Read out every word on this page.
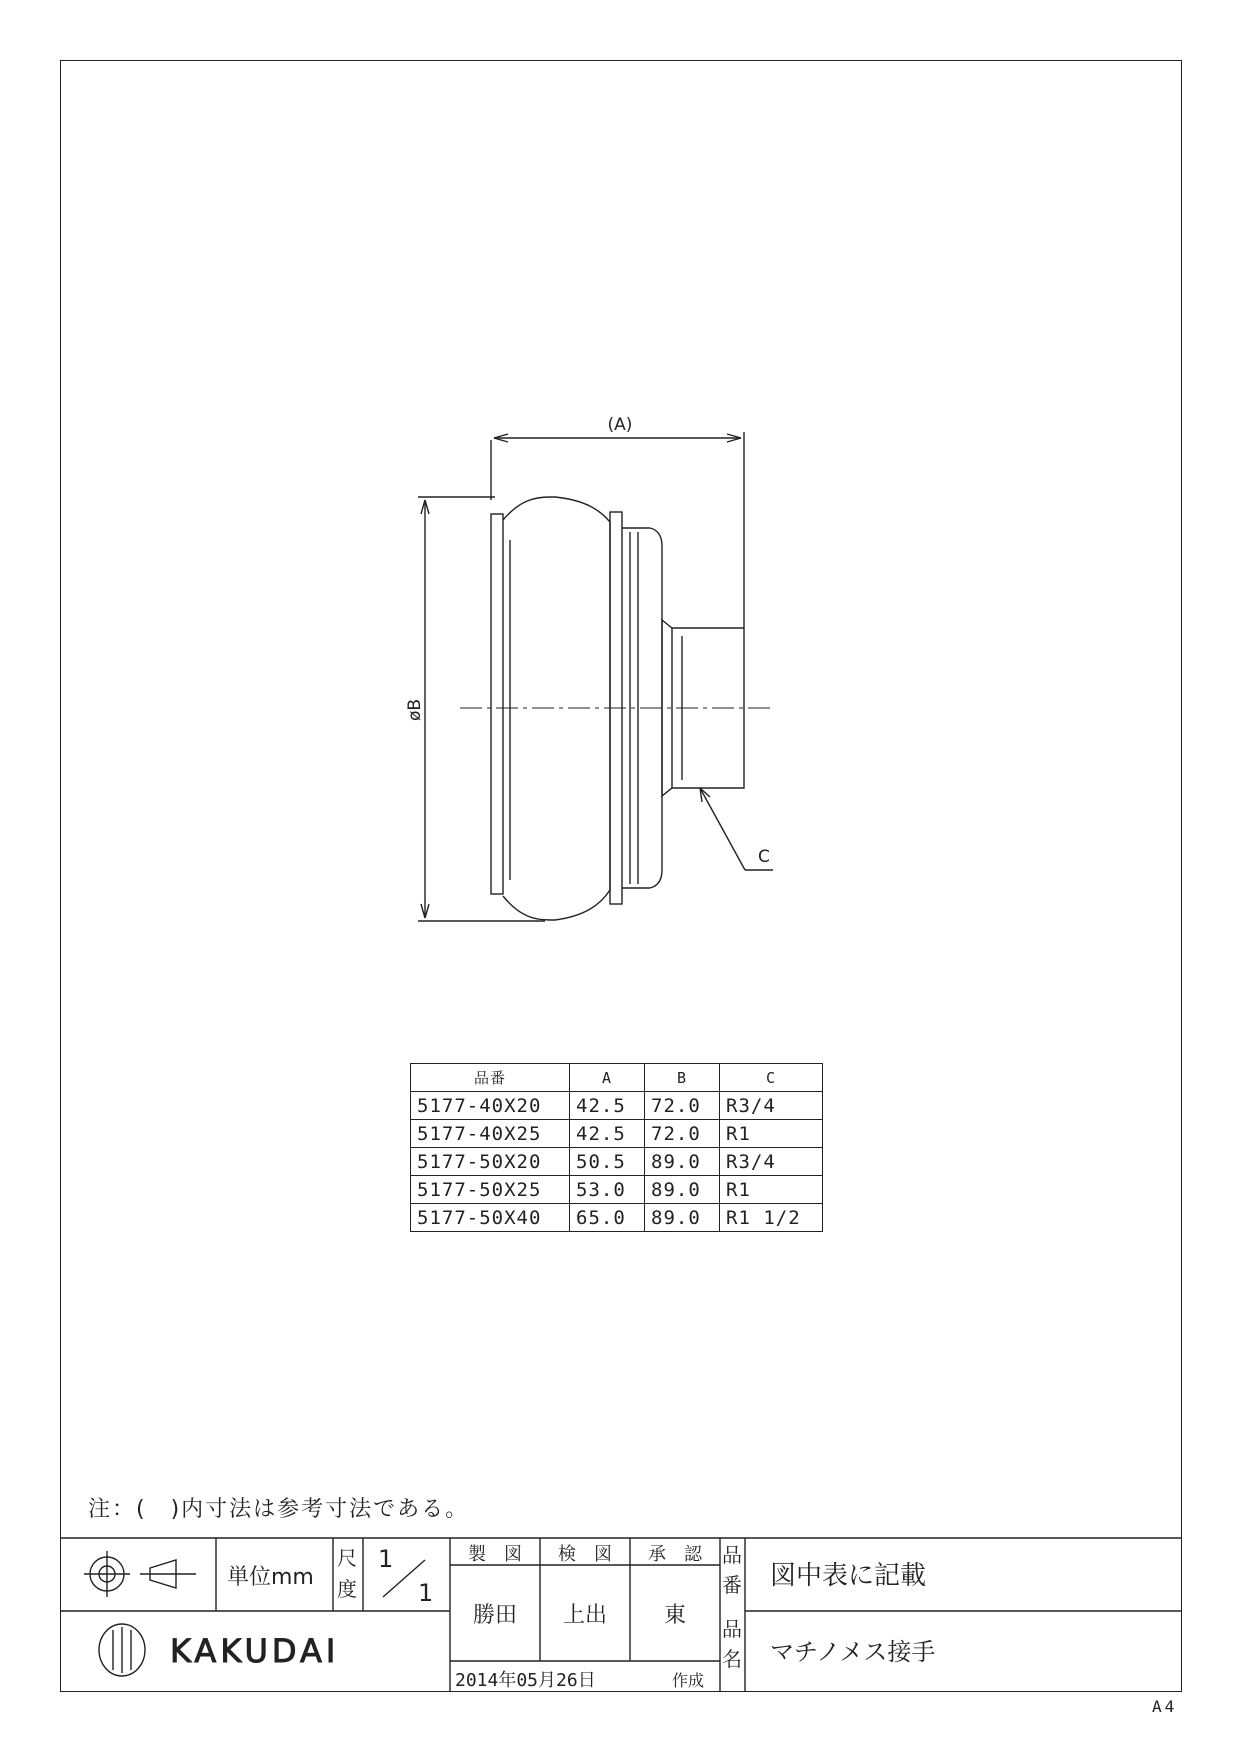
(A)
øB
C
品番	A	B	C
5177-40X20	42.5	72.0	R3/4
5177-40X25	42.5	72.0	R1
5177-50X20	50.5	89.0	R3/4
5177-50X25	53.0	89.0	R1
5177-50X40	65.0	89.0	R1 1/2
注：(　)内寸法は参考寸法である。
単位mm
尺
度
1
1
製　図 検　図 承　認
勝田 上出	東
2014年05月26日	作成
品
番
品
名
図中表に記載
マチノメス接手
KAKUDAI
A4
